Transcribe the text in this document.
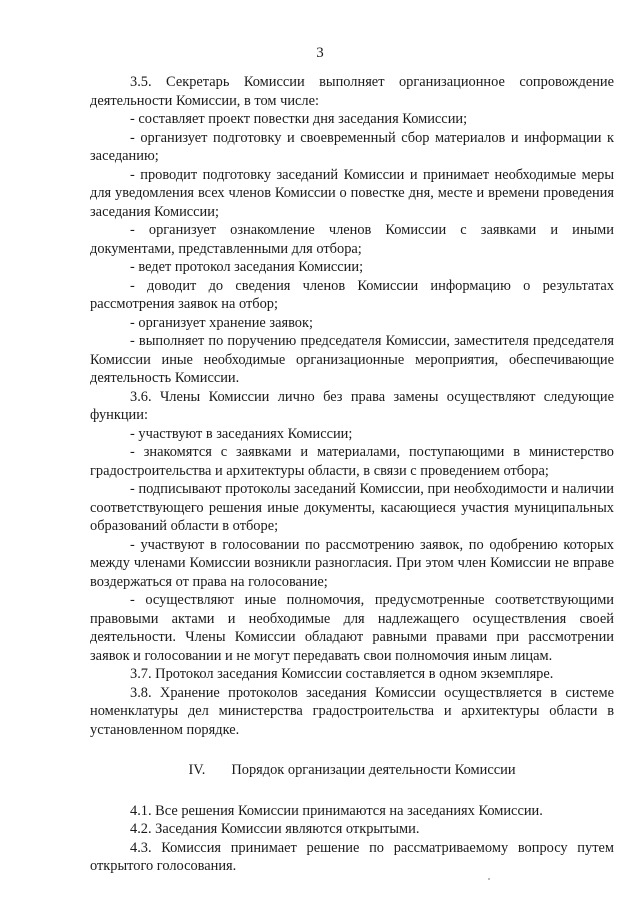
3

3.5. Секретарь Комиссии выполняет организационное сопровождение деятельности Комиссии, в том числе:

- составляет проект повестки дня заседания Комиссии;

- организует подготовку и своевременный сбор материалов и информации к заседанию;

- проводит подготовку заседаний Комиссии и принимает необходимые меры для уведомления всех членов Комиссии о повестке дня, месте и времени проведения заседания Комиссии;

- организует ознакомление членов Комиссии с заявками и иными документами, представленными для отбора;

- ведет протокол заседания Комиссии;

- доводит до сведения членов Комиссии информацию о результатах рассмотрения заявок на отбор;

- организует хранение заявок;

- выполняет по поручению председателя Комиссии, заместителя председателя Комиссии иные необходимые организационные мероприятия, обеспечивающие деятельность Комиссии.

3.6. Члены Комиссии лично без права замены осуществляют следующие функции:

- участвуют в заседаниях Комиссии;

- знакомятся с заявками и материалами, поступающими в министерство градостроительства и архитектуры области, в связи с проведением отбора;

- подписывают протоколы заседаний Комиссии, при необходимости и наличии соответствующего решения иные документы, касающиеся участия муниципальных образований области в отборе;

- участвуют в голосовании по рассмотрению заявок, по одобрению которых между членами Комиссии возникли разногласия. При этом член Комиссии не вправе воздержаться от права на голосование;

- осуществляют иные полномочия, предусмотренные соответствующими правовыми актами и необходимые для надлежащего осуществления своей деятельности. Члены Комиссии обладают равными правами при рассмотрении заявок и голосовании и не могут передавать свои полномочия иным лицам.

3.7. Протокол заседания Комиссии составляется в одном экземпляре.

3.8. Хранение протоколов заседания Комиссии осуществляется в системе номенклатуры дел министерства градостроительства и архитектуры области в установленном порядке.

IV. Порядок организации деятельности Комиссии

4.1. Все решения Комиссии принимаются на заседаниях Комиссии.

4.2. Заседания Комиссии являются открытыми.

4.3. Комиссия принимает решение по рассматриваемому вопросу путем открытого голосования.
